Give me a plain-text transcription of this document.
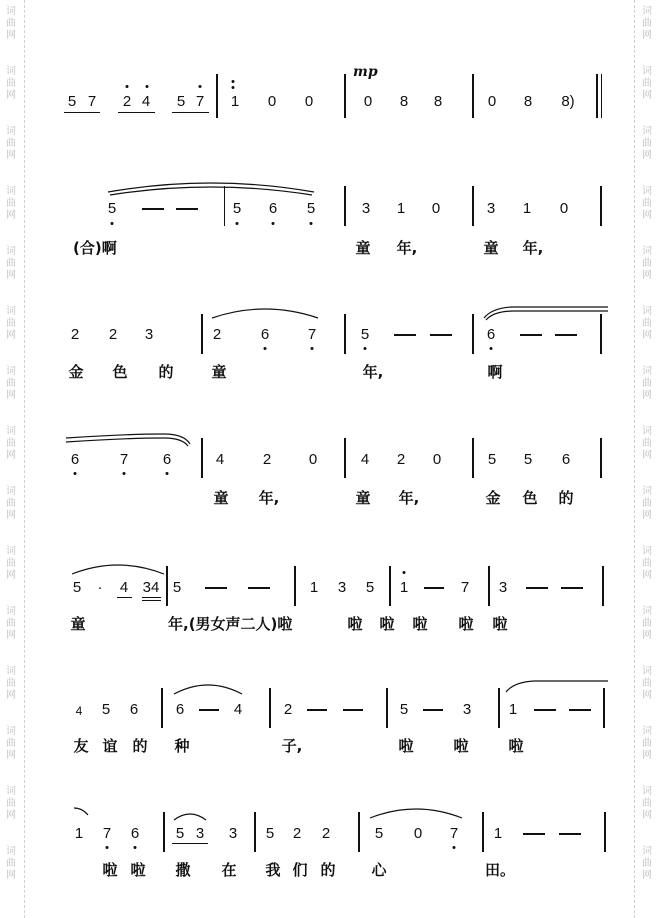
词曲网
词曲网
词曲网
词曲网
词曲网
词曲网
词曲网
词曲网
词曲网
词曲网
词曲网
词曲网
词曲网
词曲网
词曲网
词曲网
词曲网
词曲网
词曲网
词曲网
词曲网
词曲网
词曲网
词曲网
词曲网
词曲网
词曲网
词曲网
词曲网
词曲网
mp
5 7 2 4 5 7 1 0 0	0 8 8	0 8 8)
5	5 6 5	3 1 0	3 1 0
(合)啊	童 年,	童 年,
2 2 3	2	6	7	5	6
金 色 的	童	年,	啊
6	7 6	4	2	0	4 2 0	5 5 6
童 年,	童 年,	金 色 的
5 · 4 34 5	1 3 5 1	7 3
童	年,(男女声二人)啦	啦 啦 啦 啦 啦
4 5 6	6	4	2	5	3	1
友 谊 的 种	子,	啦	啦	啦
1 7 6 5 3 3 5 2 2	5 0 7 1
啦 啦 撒 在 我 们 的 心	田。
